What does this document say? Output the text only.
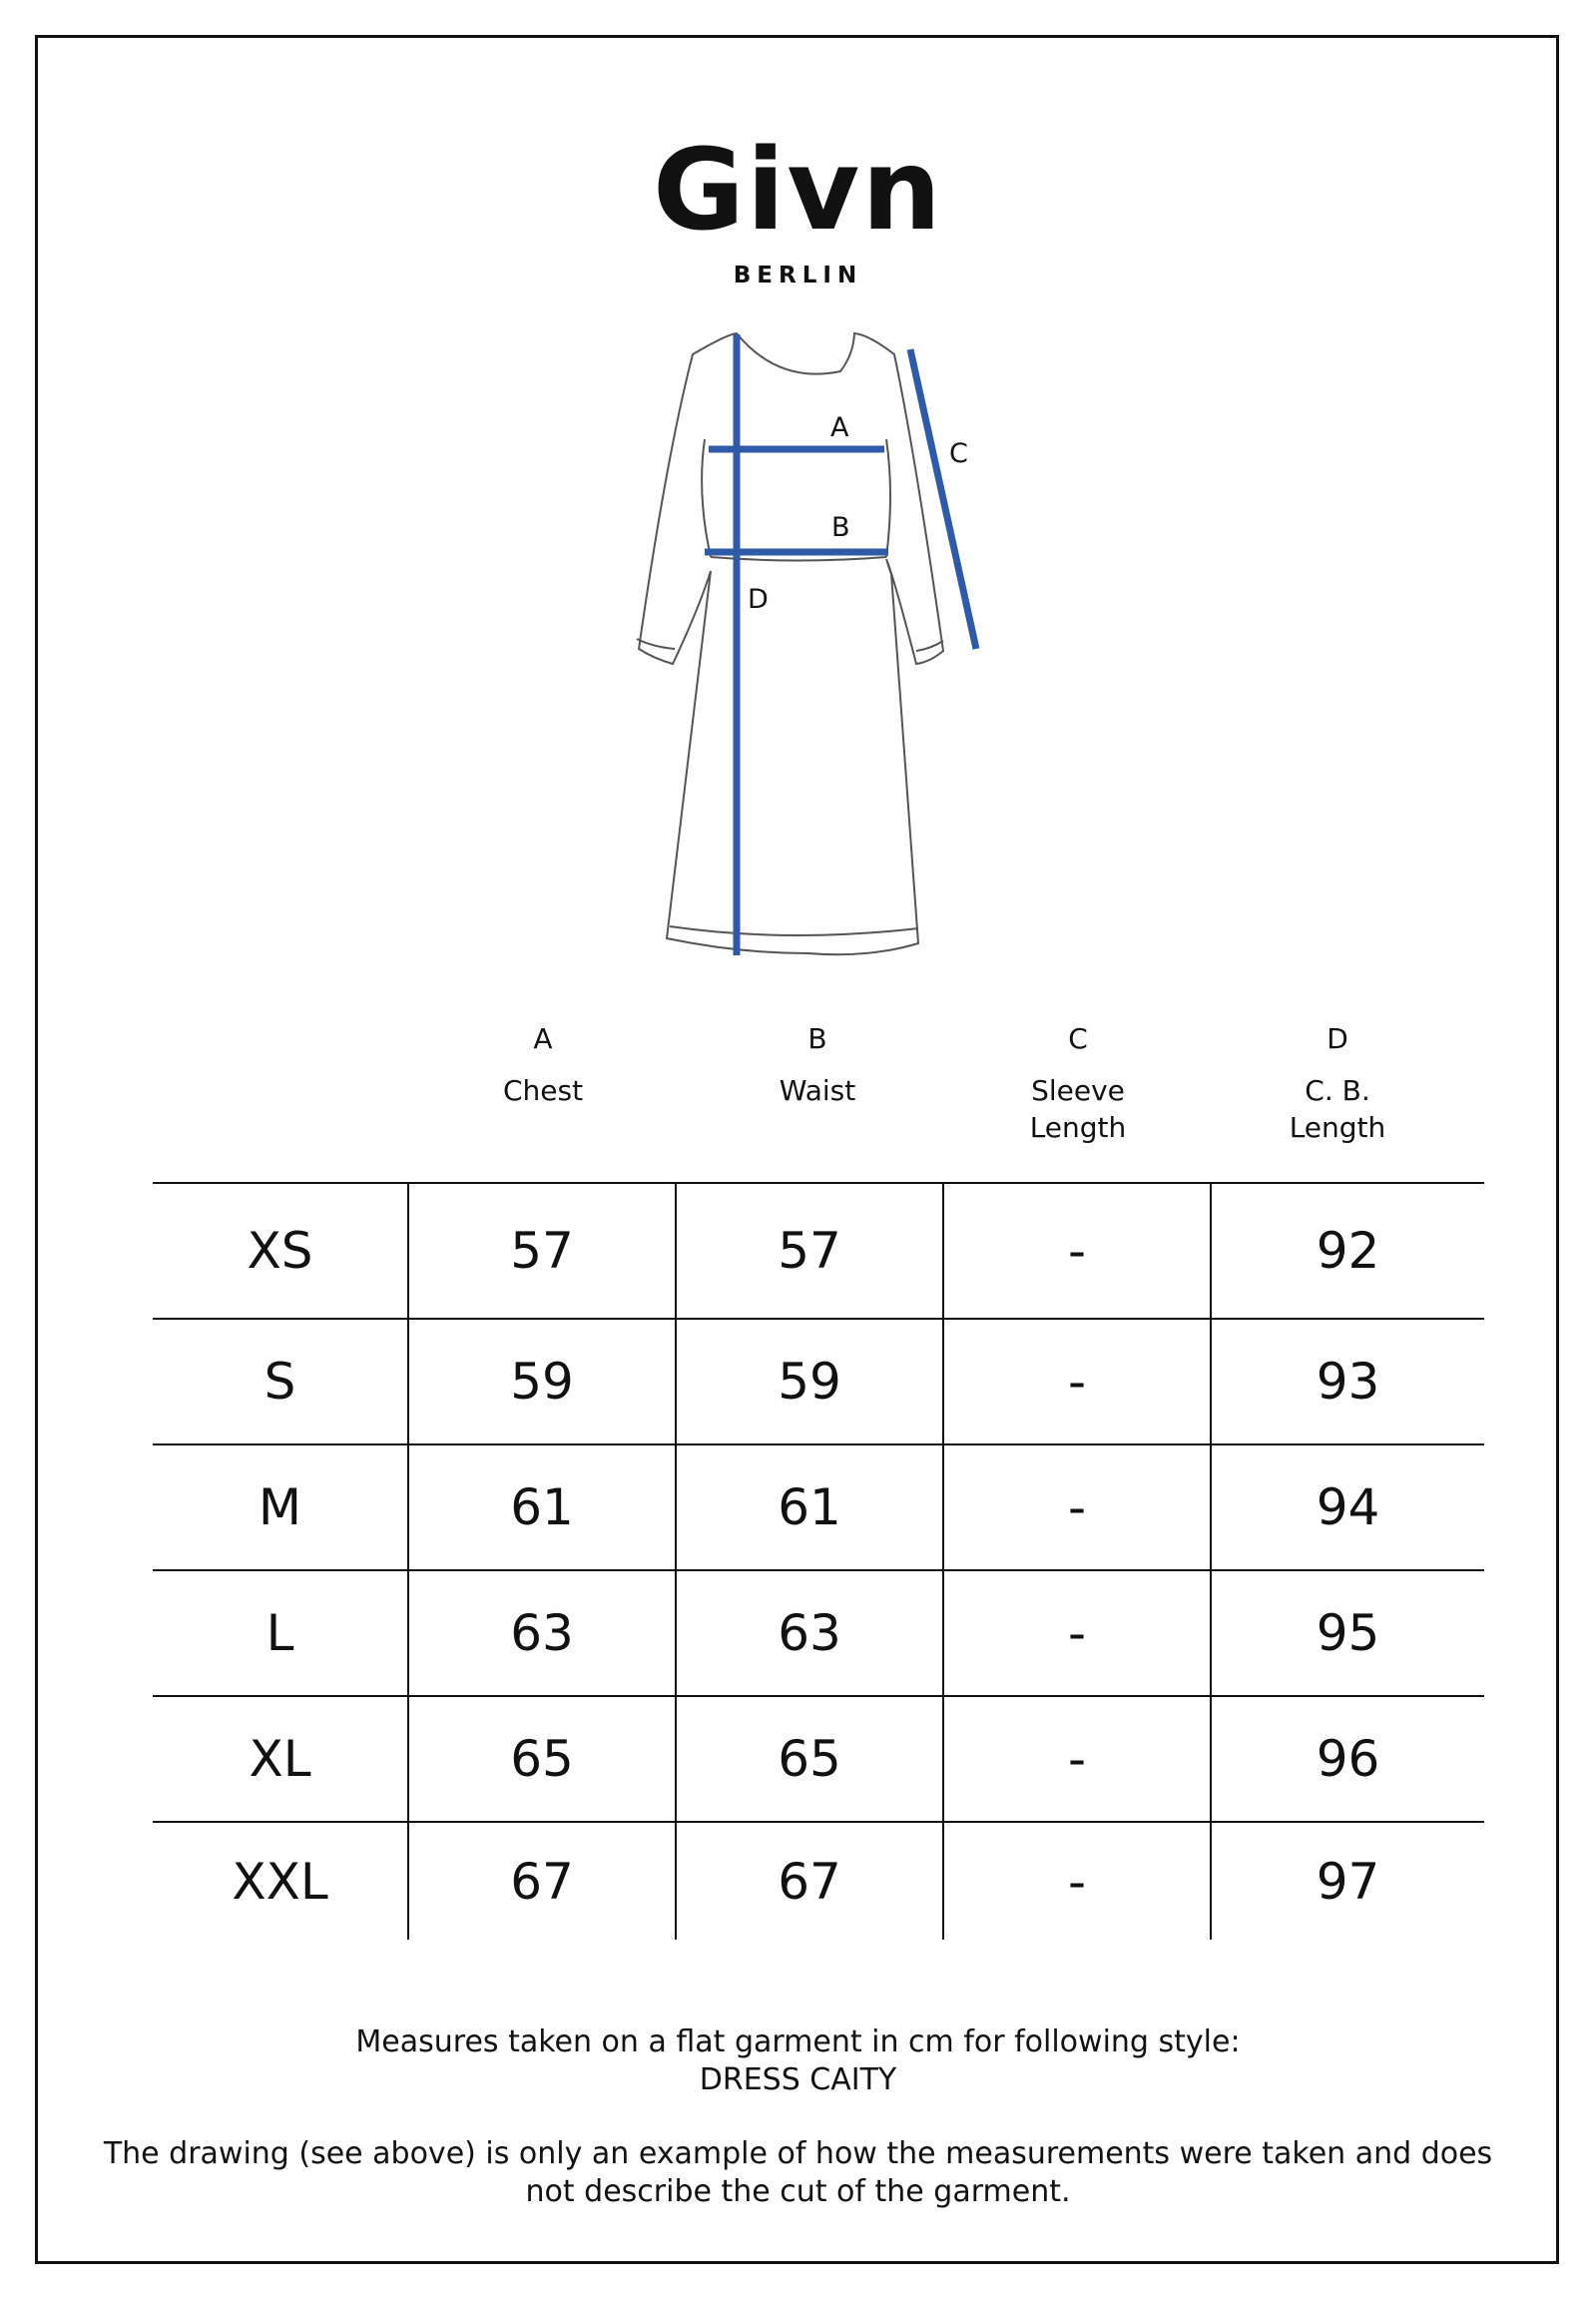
Givn
BERLIN
A
B
C
D
A
Chest
B
Waist
C
Sleeve
Length
D
C. B.
Length
XS	57	57	-	92
S	59	59	-	93
M	61	61	-	94
L	63	63	-	95
XL	65	65	-	96
XXL	67	67	-	97
Measures taken on a flat garment in cm for following style:
DRESS CAITY
The drawing (see above) is only an example of how the measurements were taken and does
not describe the cut of the garment.
